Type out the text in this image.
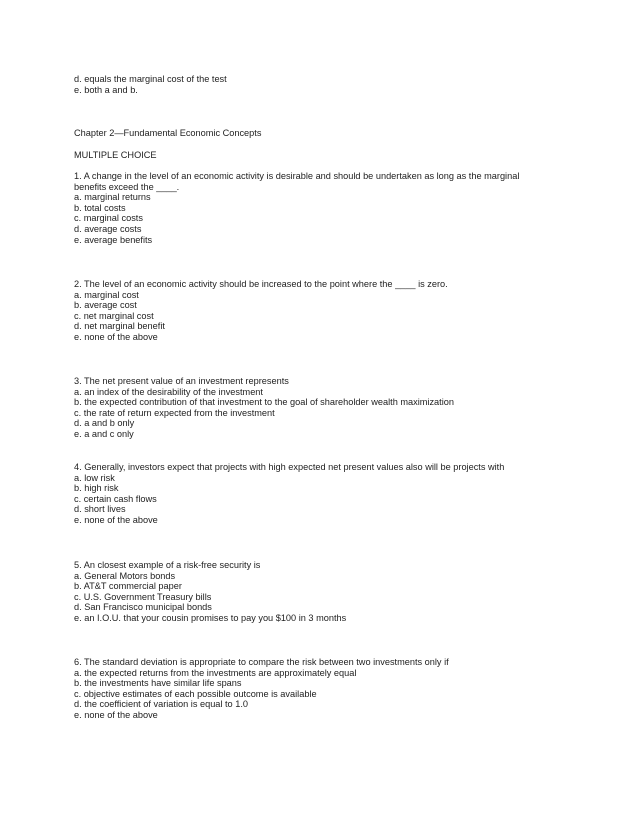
d. equals the marginal cost of the test
e. both a and b.
Chapter 2—Fundamental Economic Concepts
MULTIPLE CHOICE
1. A change in the level of an economic activity is desirable and should be undertaken as long as the marginal
benefits exceed the ____.
a. marginal returns
b. total costs
c. marginal costs
d. average costs
e. average benefits
2. The level of an economic activity should be increased to the point where the ____ is zero.
a. marginal cost
b. average cost
c. net marginal cost
d. net marginal benefit
e. none of the above
3. The net present value of an investment represents
a. an index of the desirability of the investment
b. the expected contribution of that investment to the goal of shareholder wealth maximization
c. the rate of return expected from the investment
d. a and b only
e. a and c only
4. Generally, investors expect that projects with high expected net present values also will be projects with
a. low risk
b. high risk
c. certain cash flows
d. short lives
e. none of the above
5. An closest example of a risk-free security is
a. General Motors bonds
b. AT&T commercial paper
c. U.S. Government Treasury bills
d. San Francisco municipal bonds
e. an I.O.U. that your cousin promises to pay you $100 in 3 months
6. The standard deviation is appropriate to compare the risk between two investments only if
a. the expected returns from the investments are approximately equal
b. the investments have similar life spans
c. objective estimates of each possible outcome is available
d. the coefficient of variation is equal to 1.0
e. none of the above
